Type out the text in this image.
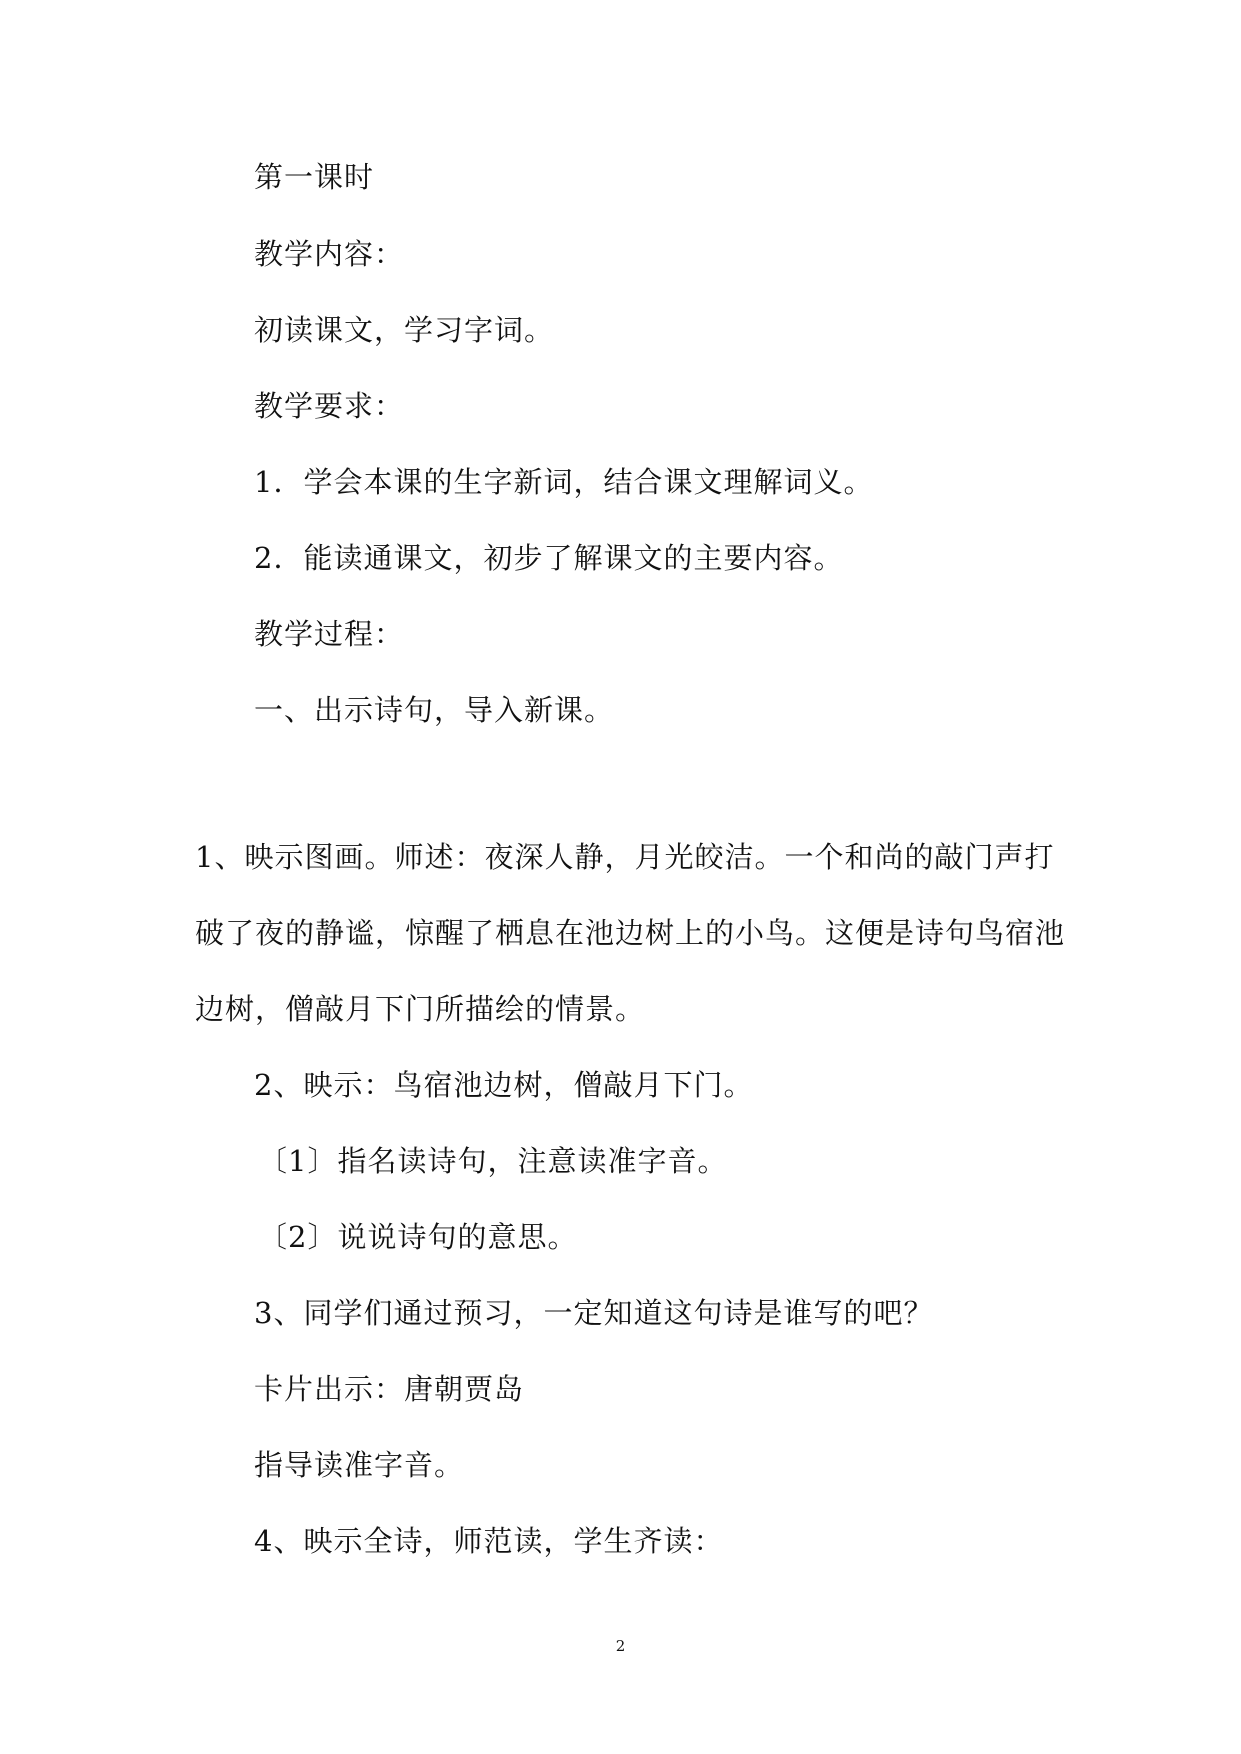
第一课时
教学内容：
初读课文，学习字词。
教学要求：
1．学会本课的生字新词，结合课文理解词义。
2．能读通课文，初步了解课文的主要内容。
教学过程：
一、出示诗句，导入新课。
1、映示图画。师述：夜深人静，月光皎洁。一个和尚的敲门声打
破了夜的静谧，惊醒了栖息在池边树上的小鸟。这便是诗句鸟宿池
边树，僧敲月下门所描绘的情景。
2、映示：鸟宿池边树，僧敲月下门。
〔1〕指名读诗句，注意读准字音。
〔2〕说说诗句的意思。
3、同学们通过预习，一定知道这句诗是谁写的吧？
卡片出示：唐朝贾岛
指导读准字音。
4、映示全诗，师范读，学生齐读：
2
